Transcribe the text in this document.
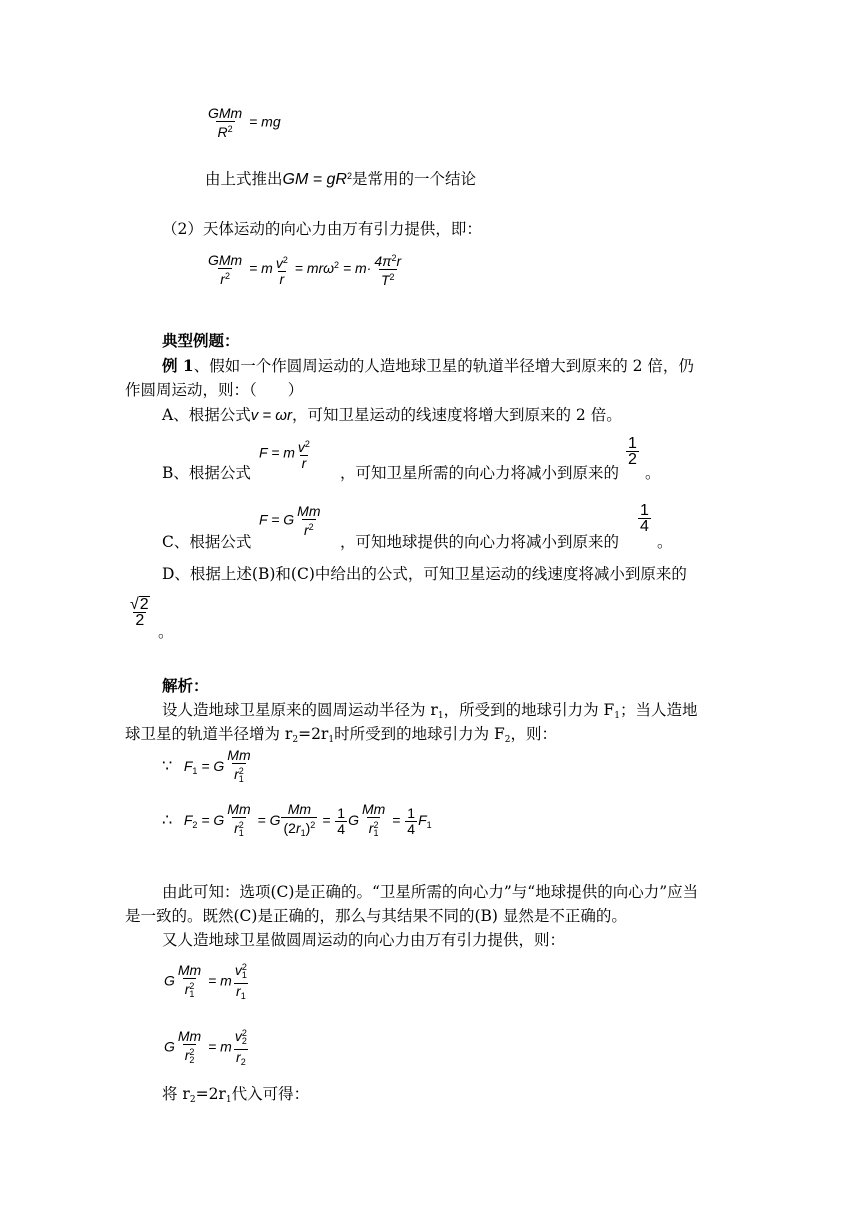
$\frac{\text{GMm}}{R^2}$ = mg
由上式推出GM = $gR^2$是常用的一个结论
（2）天体运动的向心力由万有引力提供，即：
$\frac{\text{GMm}}{r^2} = m \frac{v^2}{r} = mr\omega^2 = m\cdot \frac{4\pi^2r}{T^2}$
典型例题：
例 1、假如一个作圆周运动的人造地球卫星的轨道半径增大到原来的 2 倍，仍
作圆周运动，则：（　　）
A、根据公式v = ωr，可知卫星运动的线速度将增大到原来的 2 倍。
B、根据公式
F = m $\frac{v^2}{r}$
，可知卫星所需的向心力将减小到原来的
$\frac{1}{2}$
。
C、根据公式
F = G $\frac{Mm}{r^2}$
，可知地球提供的向心力将减小到原来的
$\frac{1}{4}$
。
D、根据上述(B)和(C)中给出的公式，可知卫星运动的线速度将减小到原来的
$\frac{√2}{2}$
。
解析：
设人造地球卫星原来的圆周运动半径为 $r_1$，所受到的地球引力为 $F_1$；当人造地
球卫星的轨道半径增为 $r_2=2r_1$时所受到的地球引力为 $F_2$，则：
∵   $F_1 = G \frac{Mm}{r_1^2}$
∴   $F_2 = G \frac{Mm}{r_1^2} = G \frac{Mm}{(2r_1)^2} = \frac{1}{4}$ G $\frac{Mm}{r_1^2} = \frac{1}{4} F_1$
由此可知：选项(C)是正确的。“卫星所需的向心力”与“地球提供的向心力”应当
是一致的。既然(C)是正确的，那么与其结果不同的(B) 显然是不正确的。
又人造地球卫星做圆周运动的向心力由万有引力提供，则：
G $\frac{Mm}{r_1^2} = m \frac{v_1^2}{r_1}$
G $\frac{Mm}{r_2^2} = m \frac{v_2^2}{r_2}$
将 $r_2=2r_1$代入可得：
